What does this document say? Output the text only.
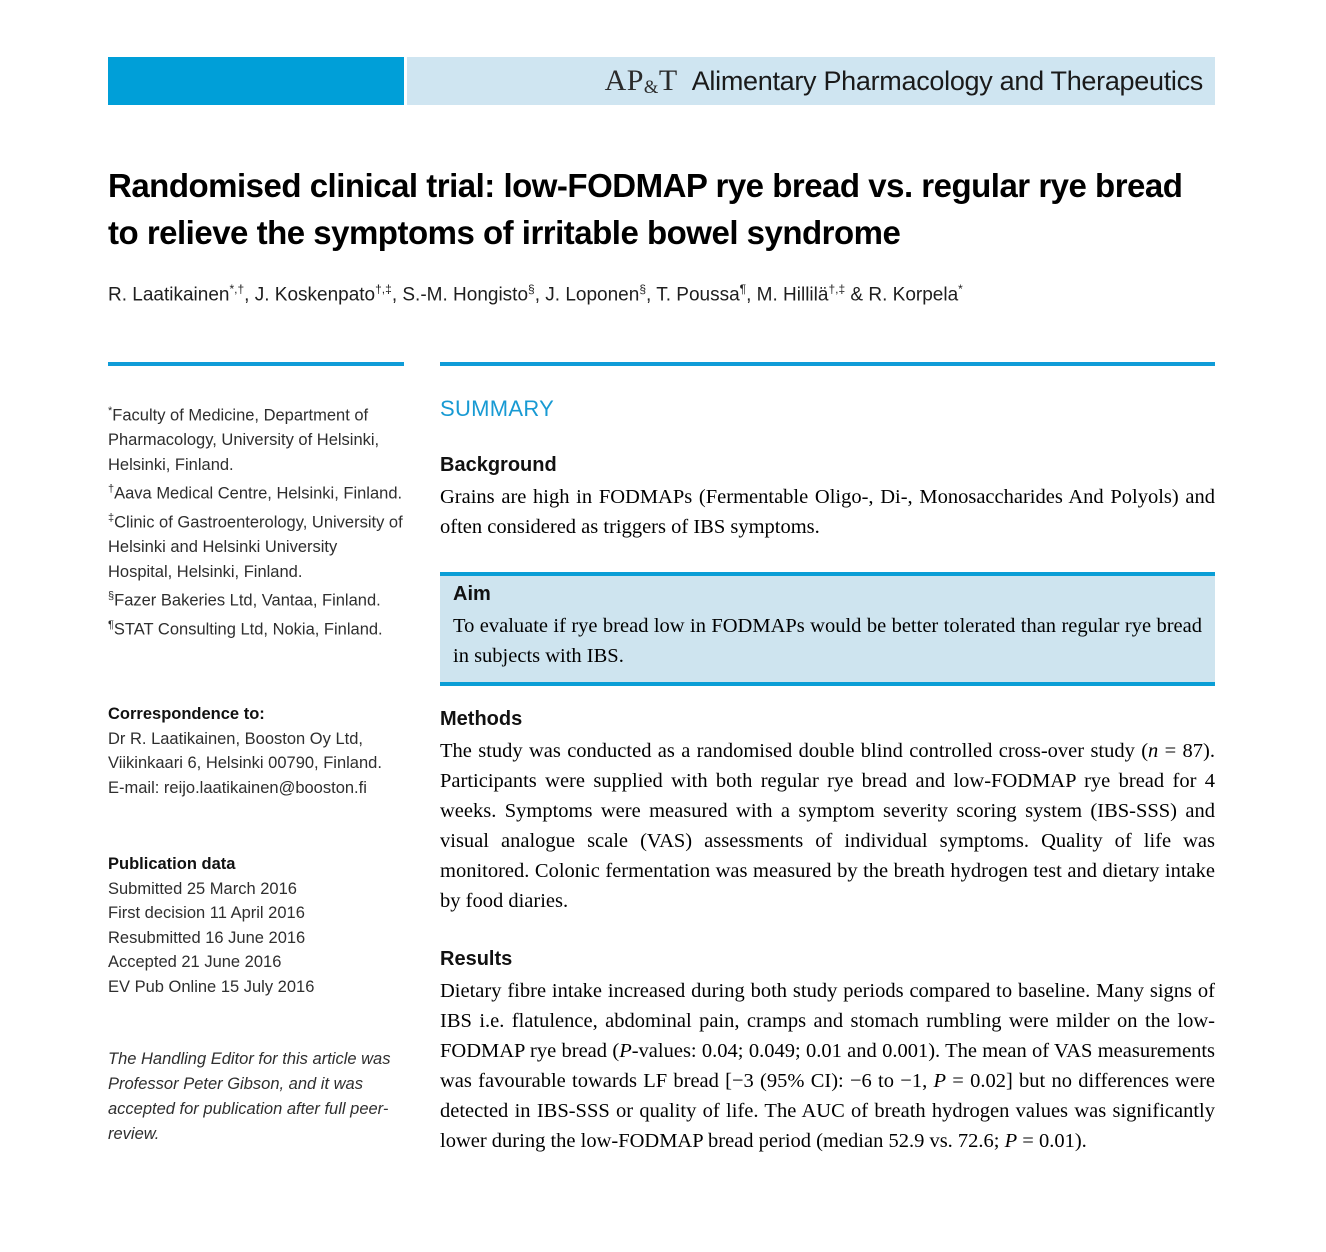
AP&T Alimentary Pharmacology and Therapeutics
Randomised clinical trial: low-FODMAP rye bread vs. regular rye bread to relieve the symptoms of irritable bowel syndrome
R. Laatikainen*,†, J. Koskenpato†,‡, S.-M. Hongisto§, J. Loponen§, T. Poussa¶, M. Hillilä†,‡ & R. Korpela*
*Faculty of Medicine, Department of Pharmacology, University of Helsinki, Helsinki, Finland.
†Aava Medical Centre, Helsinki, Finland.
‡Clinic of Gastroenterology, University of Helsinki and Helsinki University Hospital, Helsinki, Finland.
§Fazer Bakeries Ltd, Vantaa, Finland.
¶STAT Consulting Ltd, Nokia, Finland.
Correspondence to:
Dr R. Laatikainen, Booston Oy Ltd,
Viikinkaari 6, Helsinki 00790, Finland.
E-mail: reijo.laatikainen@booston.fi
Publication data
Submitted 25 March 2016
First decision 11 April 2016
Resubmitted 16 June 2016
Accepted 21 June 2016
EV Pub Online 15 July 2016

The Handling Editor for this article was Professor Peter Gibson, and it was accepted for publication after full peer-review.

SUMMARY
Background

Grains are high in FODMAPs (Fermentable Oligo-, Di-, Monosaccharides And Polyols) and often considered as triggers of IBS symptoms.

Aim

To evaluate if rye bread low in FODMAPs would be better tolerated than regular rye bread in subjects with IBS.

Methods

The study was conducted as a randomised double blind controlled cross-over study (n = 87). Participants were supplied with both regular rye bread and low-FODMAP rye bread for 4 weeks. Symptoms were measured with a symptom severity scoring system (IBS-SSS) and visual analogue scale (VAS) assessments of individual symptoms. Quality of life was monitored. Colonic fermentation was measured by the breath hydrogen test and dietary intake by food diaries.

Results

Dietary fibre intake increased during both study periods compared to baseline. Many signs of IBS i.e. flatulence, abdominal pain, cramps and stomach rumbling were milder on the low-FODMAP rye bread (P-values: 0.04; 0.049; 0.01 and 0.001). The mean of VAS measurements was favourable towards LF bread [−3 (95% CI): −6 to −1, P = 0.02] but no differences were detected in IBS-SSS or quality of life. The AUC of breath hydrogen values was significantly lower during the low-FODMAP bread period (median 52.9 vs. 72.6; P = 0.01).
